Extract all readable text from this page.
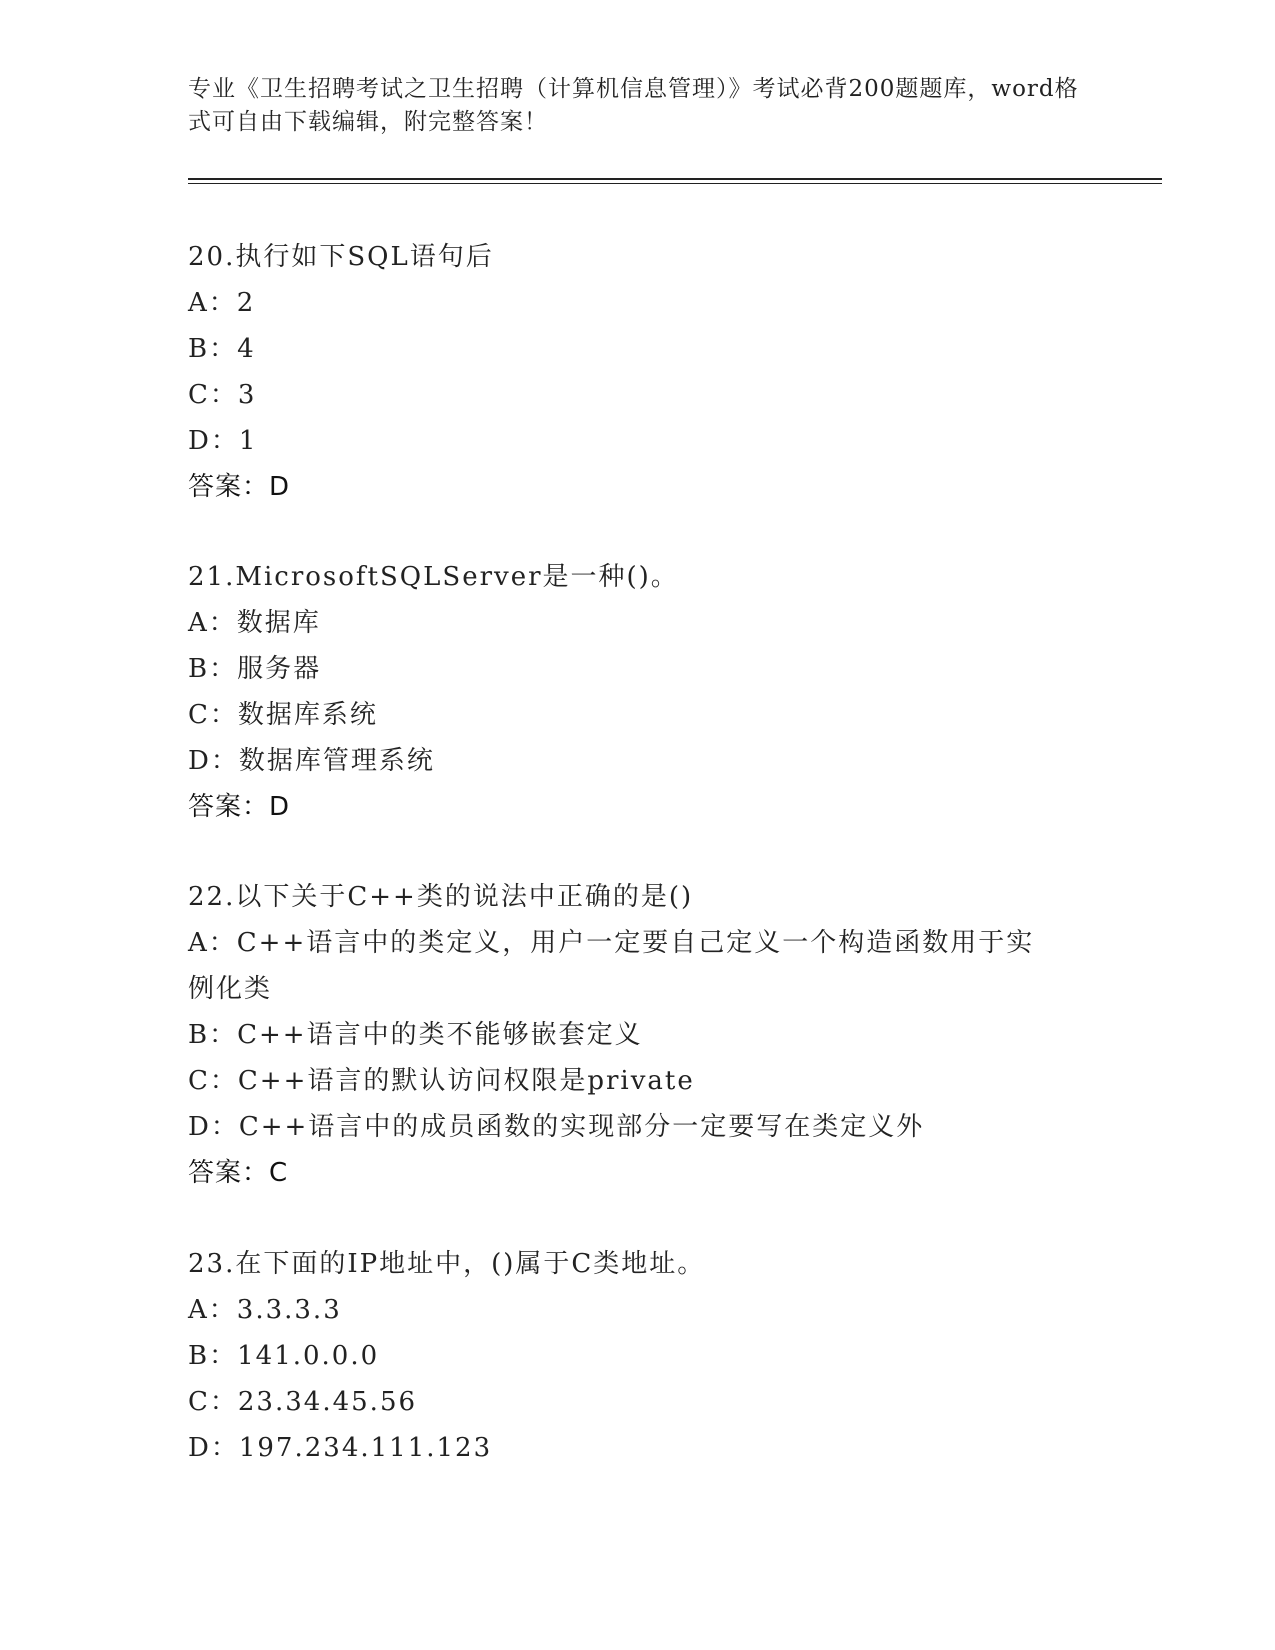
专业《卫生招聘考试之卫生招聘（计算机信息管理）》考试必背200题题库，word格式可自由下载编辑，附完整答案！
20.执行如下SQL语句后
A：2
B：4
C：3
D：1
答案：D
21.MicrosoftSQLServer是一种()。
A：数据库
B：服务器
C：数据库系统
D：数据库管理系统
答案：D
22.以下关于C++类的说法中正确的是()
A：C++语言中的类定义，用户一定要自己定义一个构造函数用于实例化类
B：C++语言中的类不能够嵌套定义
C：C++语言的默认访问权限是private
D：C++语言中的成员函数的实现部分一定要写在类定义外
答案：C
23.在下面的IP地址中，()属于C类地址。
A：3.3.3.3
B：141.0.0.0
C：23.34.45.56
D：197.234.111.123
